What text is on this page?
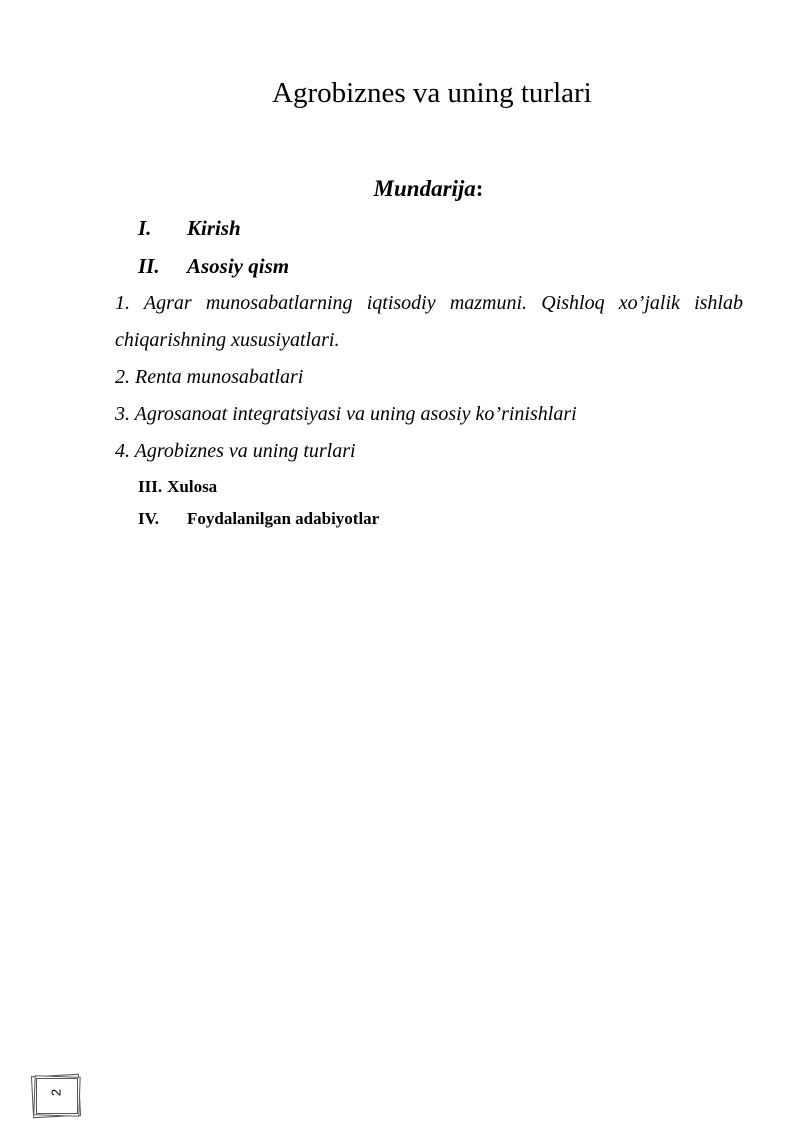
Agrobiznes va uning turlari
Mundarija:
I. Kirish
II. Asosiy qism
1. Agrar munosabatlarning iqtisodiy mazmuni. Qishloq xo’jalik ishlab
chiqarishning xususiyatlari.
2. Renta munosabatlari
3. Agrosanoat integratsiyasi va uning asosiy ko’rinishlari
4. Agrobiznes va uning turlari
III. Xulosa
IV. Foydalanilgan adabiyotlar
2
